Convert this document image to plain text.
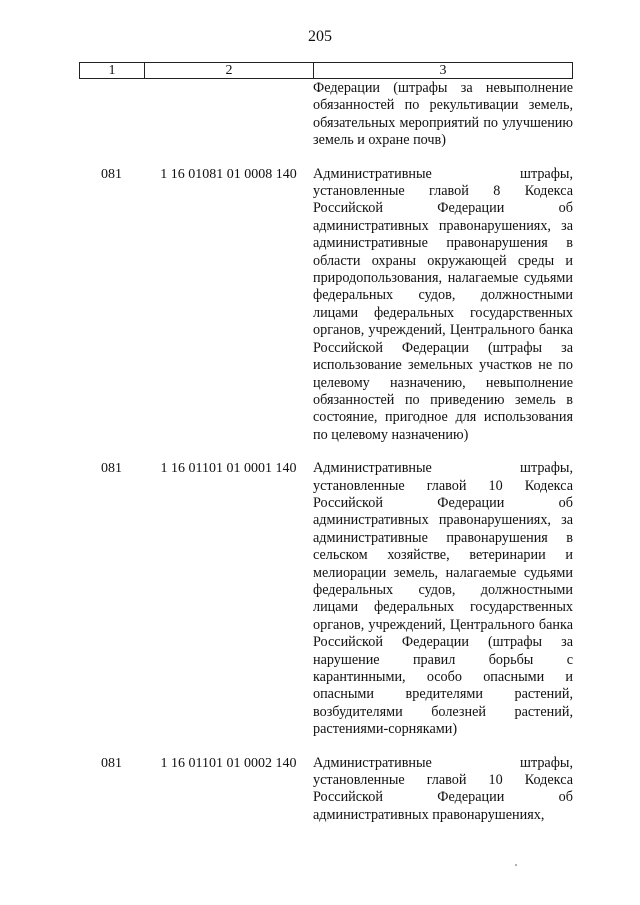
205
1	2	3
Федерации (штрафы за невыполнение обязанностей по рекультивации земель, обязательных мероприятий по улучшению земель и охране почв)
081	1 16 01081 01 0008 140	Административные штрафы, установленные главой 8 Кодекса Российской Федерации об административных правонарушениях, за административные правонарушения в области охраны окружающей среды и природопользования, налагаемые судьями федеральных судов, должностными лицами федеральных государственных органов, учреждений, Центрального банка Российской Федерации (штрафы за использование земельных участков не по целевому назначению, невыполнение обязанностей по приведению земель в состояние, пригодное для использования по целевому назначению)
081	1 16 01101 01 0001 140	Административные штрафы, установленные главой 10 Кодекса Российской Федерации об административных правонарушениях, за административные правонарушения в сельском хозяйстве, ветеринарии и мелиорации земель, налагаемые судьями федеральных судов, должностными лицами федеральных государственных органов, учреждений, Центрального банка Российской Федерации (штрафы за нарушение правил борьбы с карантинными, особо опасными и опасными вредителями растений, возбудителями болезней растений, растениями-сорняками)
081	1 16 01101 01 0002 140	Административные штрафы, установленные главой 10 Кодекса Российской Федерации об административных правонарушениях,
